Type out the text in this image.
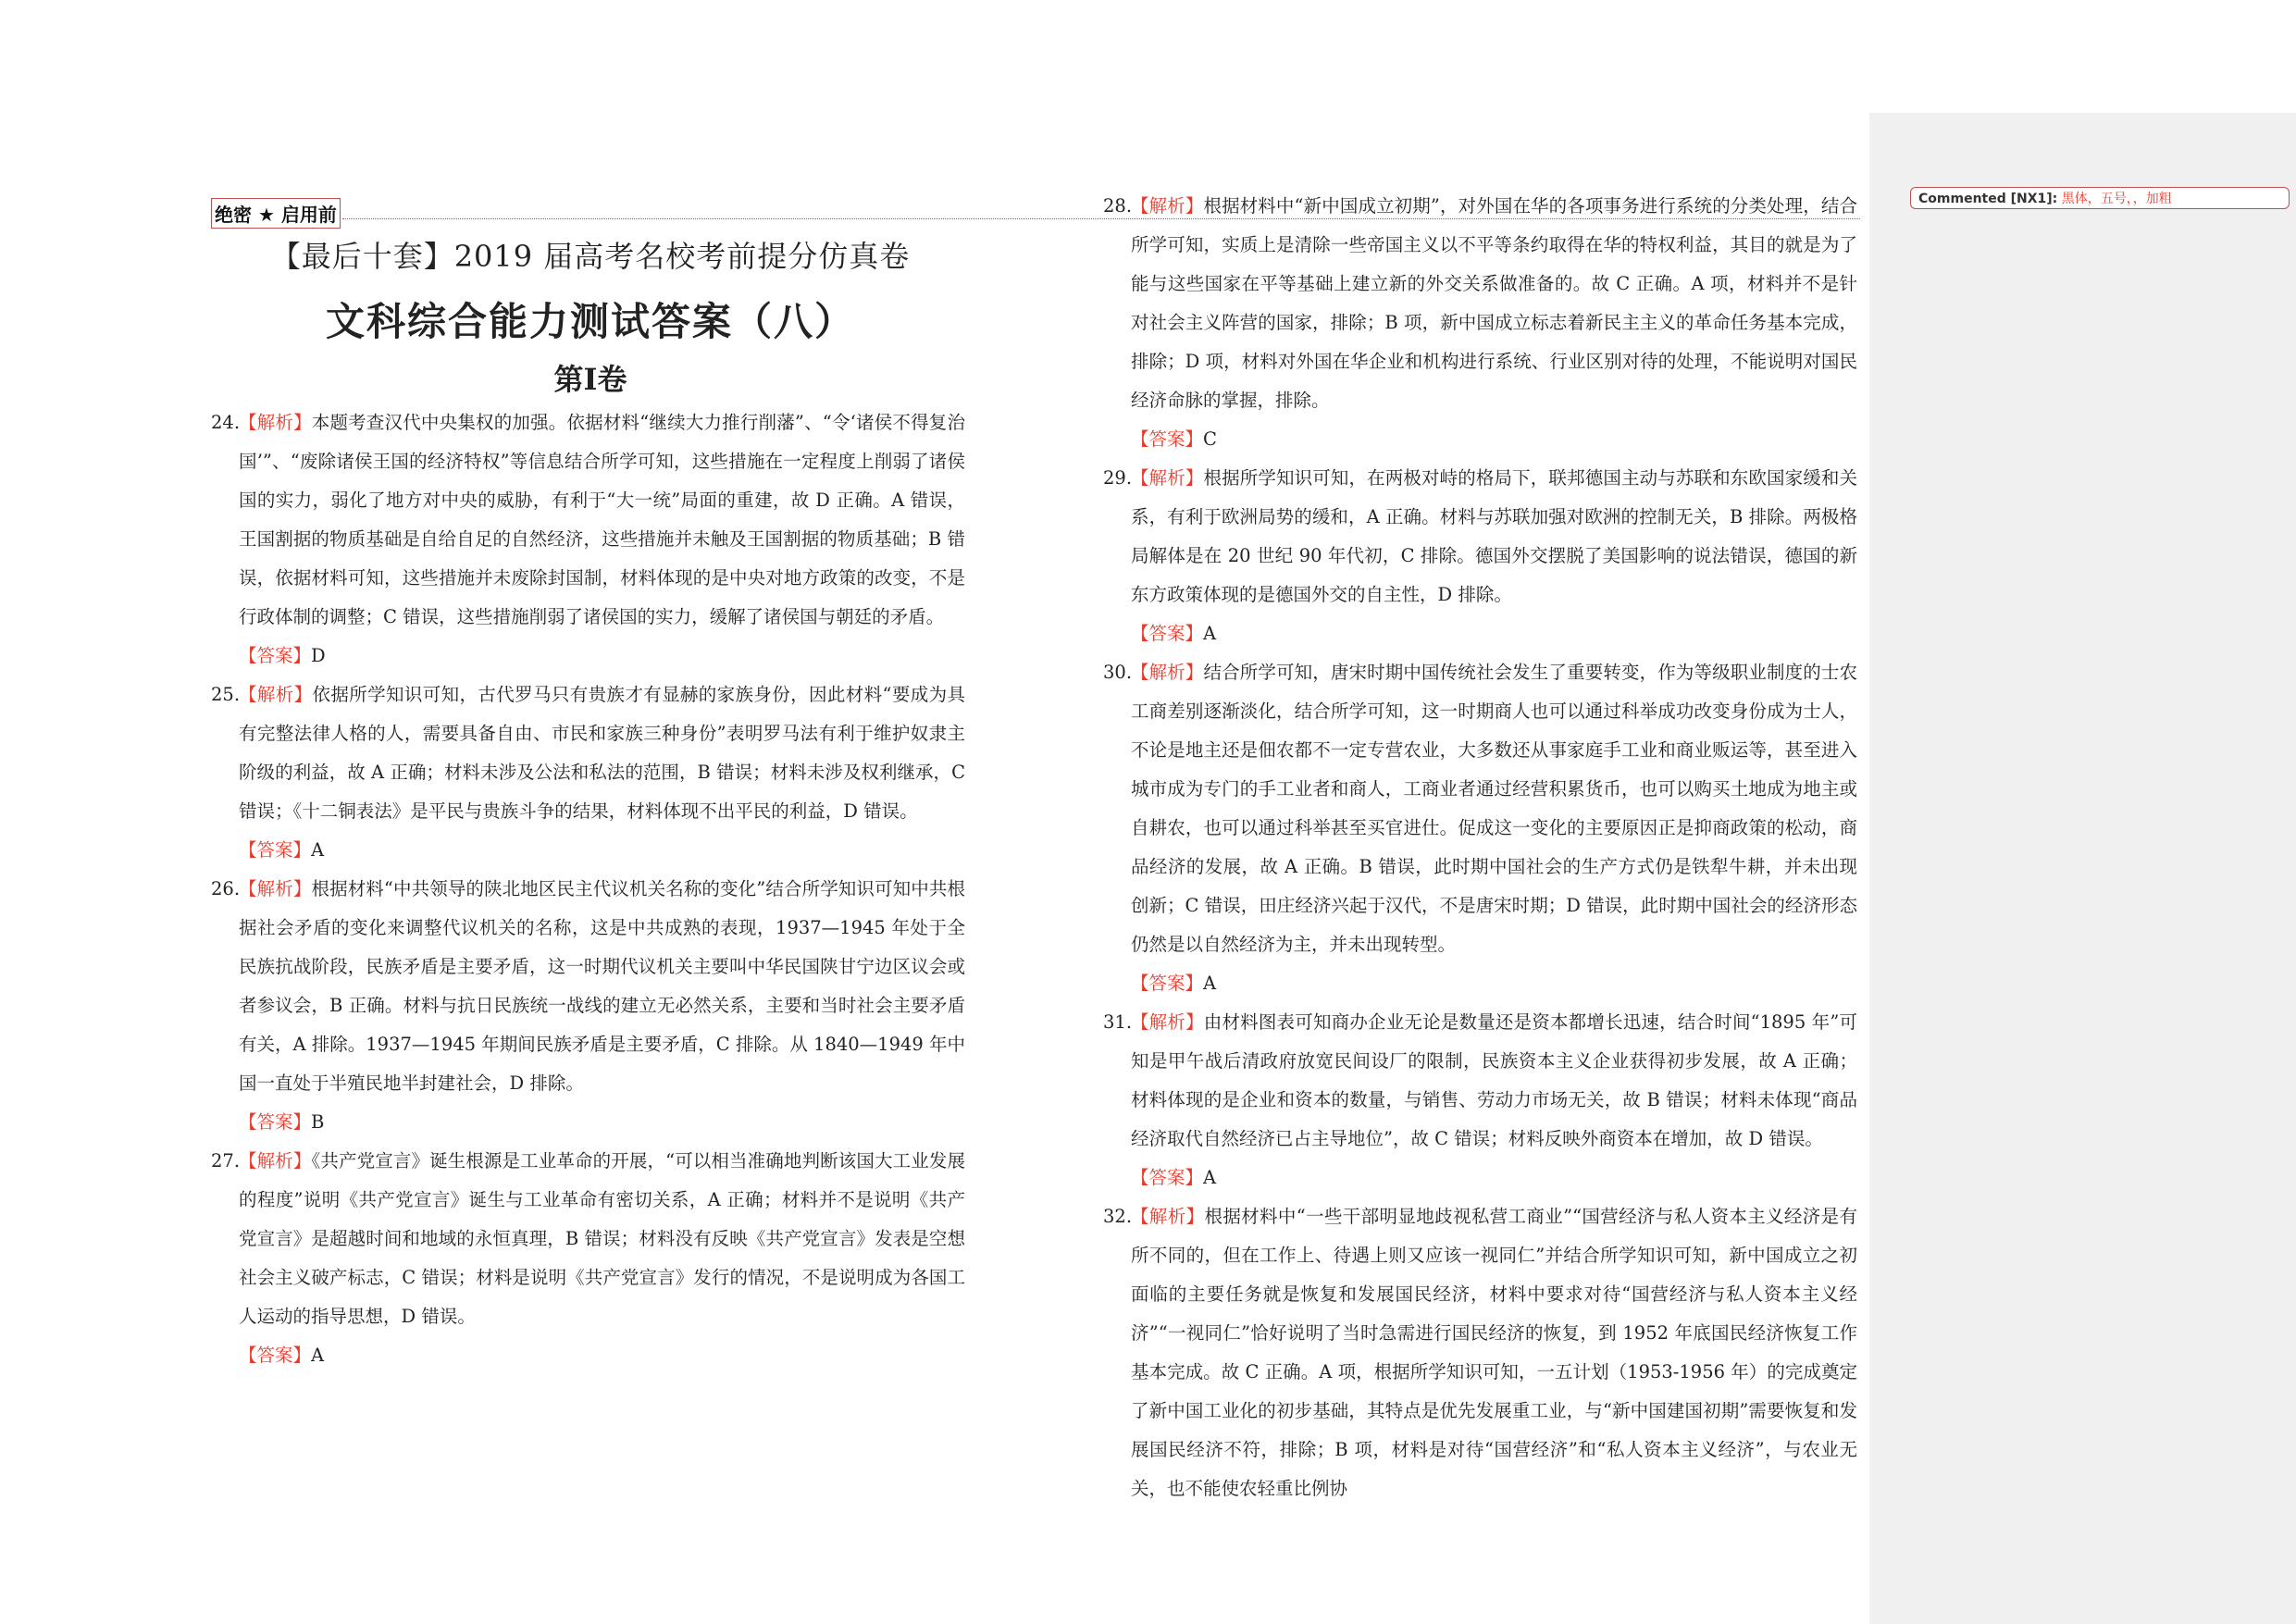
绝密 ★ 启用前
【最后十套】2019 届高考名校考前提分仿真卷
文科综合能力测试答案（八）
第Ⅰ卷
24.
【解析】本题考查汉代中央集权的加强。依据材料“继续大力推行削藩”、“令‘诸侯不得复治国’”、“废除诸侯王国的经济特权”等信息结合所学可知，这些措施在一定程度上削弱了诸侯国的实力，弱化了地方对中央的威胁，有利于“大一统”局面的重建，故 D 正确。A 错误，王国割据的物质基础是自给自足的自然经济，这些措施并未触及王国割据的物质基础；B 错误，依据材料可知，这些措施并未废除封国制，材料体现的是中央对地方政策的改变，不是行政体制的调整；C 错误，这些措施削弱了诸侯国的实力，缓解了诸侯国与朝廷的矛盾。
【答案】D
25.
【解析】依据所学知识可知，古代罗马只有贵族才有显赫的家族身份，因此材料“要成为具有完整法律人格的人，需要具备自由、市民和家族三种身份”表明罗马法有利于维护奴隶主阶级的利益，故 A 正确；材料未涉及公法和私法的范围，B 错误；材料未涉及权利继承，C 错误；《十二铜表法》是平民与贵族斗争的结果，材料体现不出平民的利益，D 错误。
【答案】A
26.
【解析】根据材料“中共领导的陕北地区民主代议机关名称的变化”结合所学知识可知中共根据社会矛盾的变化来调整代议机关的名称，这是中共成熟的表现，1937—1945 年处于全民族抗战阶段，民族矛盾是主要矛盾，这一时期代议机关主要叫中华民国陕甘宁边区议会或者参议会，B 正确。材料与抗日民族统一战线的建立无必然关系，主要和当时社会主要矛盾有关，A 排除。1937—1945 年期间民族矛盾是主要矛盾，C 排除。从 1840—1949 年中国一直处于半殖民地半封建社会，D 排除。
【答案】B
27.
【解析】《共产党宣言》诞生根源是工业革命的开展，“可以相当准确地判断该国大工业发展的程度”说明《共产党宣言》诞生与工业革命有密切关系，A 正确；材料并不是说明《共产党宣言》是超越时间和地域的永恒真理，B 错误；材料没有反映《共产党宣言》发表是空想社会主义破产标志，C 错误；材料是说明《共产党宣言》发行的情况，不是说明成为各国工人运动的指导思想，D 错误。
【答案】A
28.
【解析】根据材料中“新中国成立初期”，对外国在华的各项事务进行系统的分类处理，结合所学可知，实质上是清除一些帝国主义以不平等条约取得在华的特权利益，其目的就是为了能与这些国家在平等基础上建立新的外交关系做准备的。故 C 正确。A 项，材料并不是针对社会主义阵营的国家，排除；B 项，新中国成立标志着新民主主义的革命任务基本完成，排除；D 项，材料对外国在华企业和机构进行系统、行业区别对待的处理，不能说明对国民经济命脉的掌握，排除。
【答案】C
29.
【解析】根据所学知识可知，在两极对峙的格局下，联邦德国主动与苏联和东欧国家缓和关系，有利于欧洲局势的缓和，A 正确。材料与苏联加强对欧洲的控制无关，B 排除。两极格局解体是在 20 世纪 90 年代初，C 排除。德国外交摆脱了美国影响的说法错误，德国的新东方政策体现的是德国外交的自主性，D 排除。
【答案】A
30.
【解析】结合所学可知，唐宋时期中国传统社会发生了重要转变，作为等级职业制度的士农工商差别逐渐淡化，结合所学可知，这一时期商人也可以通过科举成功改变身份成为士人，不论是地主还是佃农都不一定专营农业，大多数还从事家庭手工业和商业贩运等，甚至进入城市成为专门的手工业者和商人，工商业者通过经营积累货币，也可以购买土地成为地主或自耕农，也可以通过科举甚至买官进仕。促成这一变化的主要原因正是抑商政策的松动，商品经济的发展，故 A 正确。B 错误，此时期中国社会的生产方式仍是铁犁牛耕，并未出现创新；C 错误，田庄经济兴起于汉代，不是唐宋时期；D 错误，此时期中国社会的经济形态仍然是以自然经济为主，并未出现转型。
【答案】A
31.
【解析】由材料图表可知商办企业无论是数量还是资本都增长迅速，结合时间“1895 年”可知是甲午战后清政府放宽民间设厂的限制，民族资本主义企业获得初步发展，故 A 正确；材料体现的是企业和资本的数量，与销售、劳动力市场无关，故 B 错误；材料未体现“商品经济取代自然经济已占主导地位”，故 C 错误；材料反映外商资本在增加，故 D 错误。
【答案】A
32.
【解析】根据材料中“一些干部明显地歧视私营工商业”“国营经济与私人资本主义经济是有所不同的，但在工作上、待遇上则又应该一视同仁”并结合所学知识可知，新中国成立之初面临的主要任务就是恢复和发展国民经济，材料中要求对待“国营经济与私人资本主义经济”“一视同仁”恰好说明了当时急需进行国民经济的恢复，到 1952 年底国民经济恢复工作基本完成。故 C 正确。A 项，根据所学知识可知，一五计划（1953-1956 年）的完成奠定了新中国工业化的初步基础，其特点是优先发展重工业，与“新中国建国初期”需要恢复和发展国民经济不符，排除；B 项，材料是对待“国营经济”和“私人资本主义经济”，与农业无关，也不能使农轻重比例协
Commented [NX1]: 黑体，五号，，加粗
